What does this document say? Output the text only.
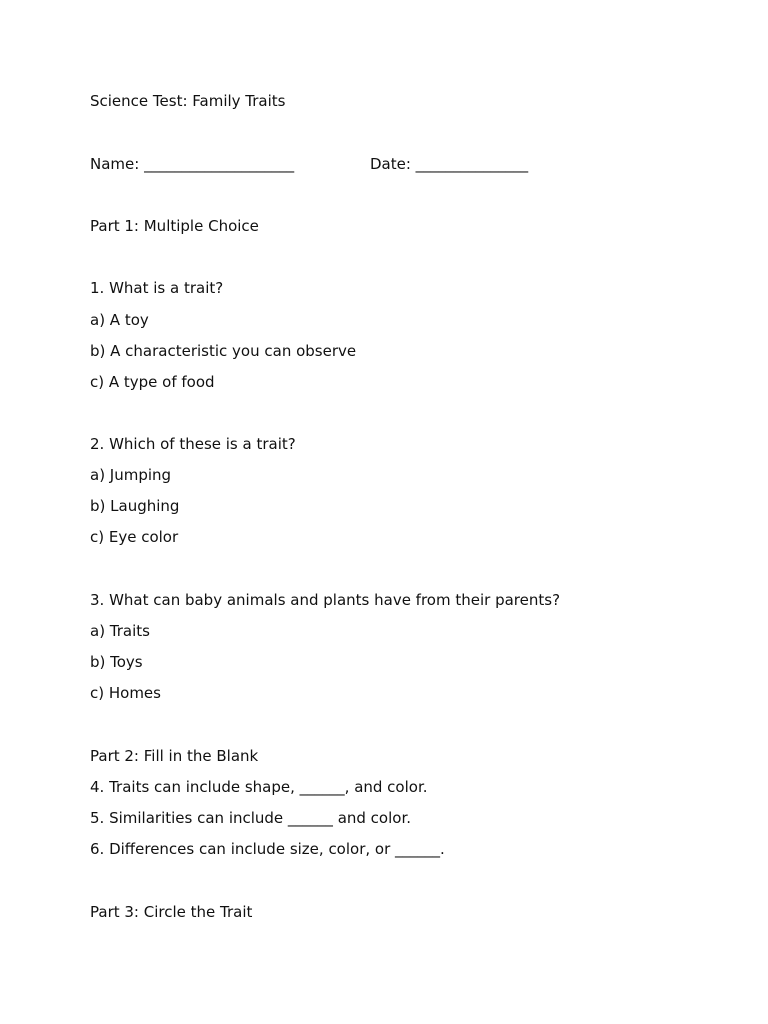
Science Test: Family Traits

Name: ____________________	Date: _______________

Part 1: Multiple Choice

1. What is a trait?

a) A toy

b) A characteristic you can observe

c) A type of food

2. Which of these is a trait?

a) Jumping

b) Laughing

c) Eye color

3. What can baby animals and plants have from their parents?

a) Traits

b) Toys

c) Homes

Part 2: Fill in the Blank

4. Traits can include shape, ______, and color.

5. Similarities can include ______ and color.

6. Differences can include size, color, or ______.

Part 3: Circle the Trait
